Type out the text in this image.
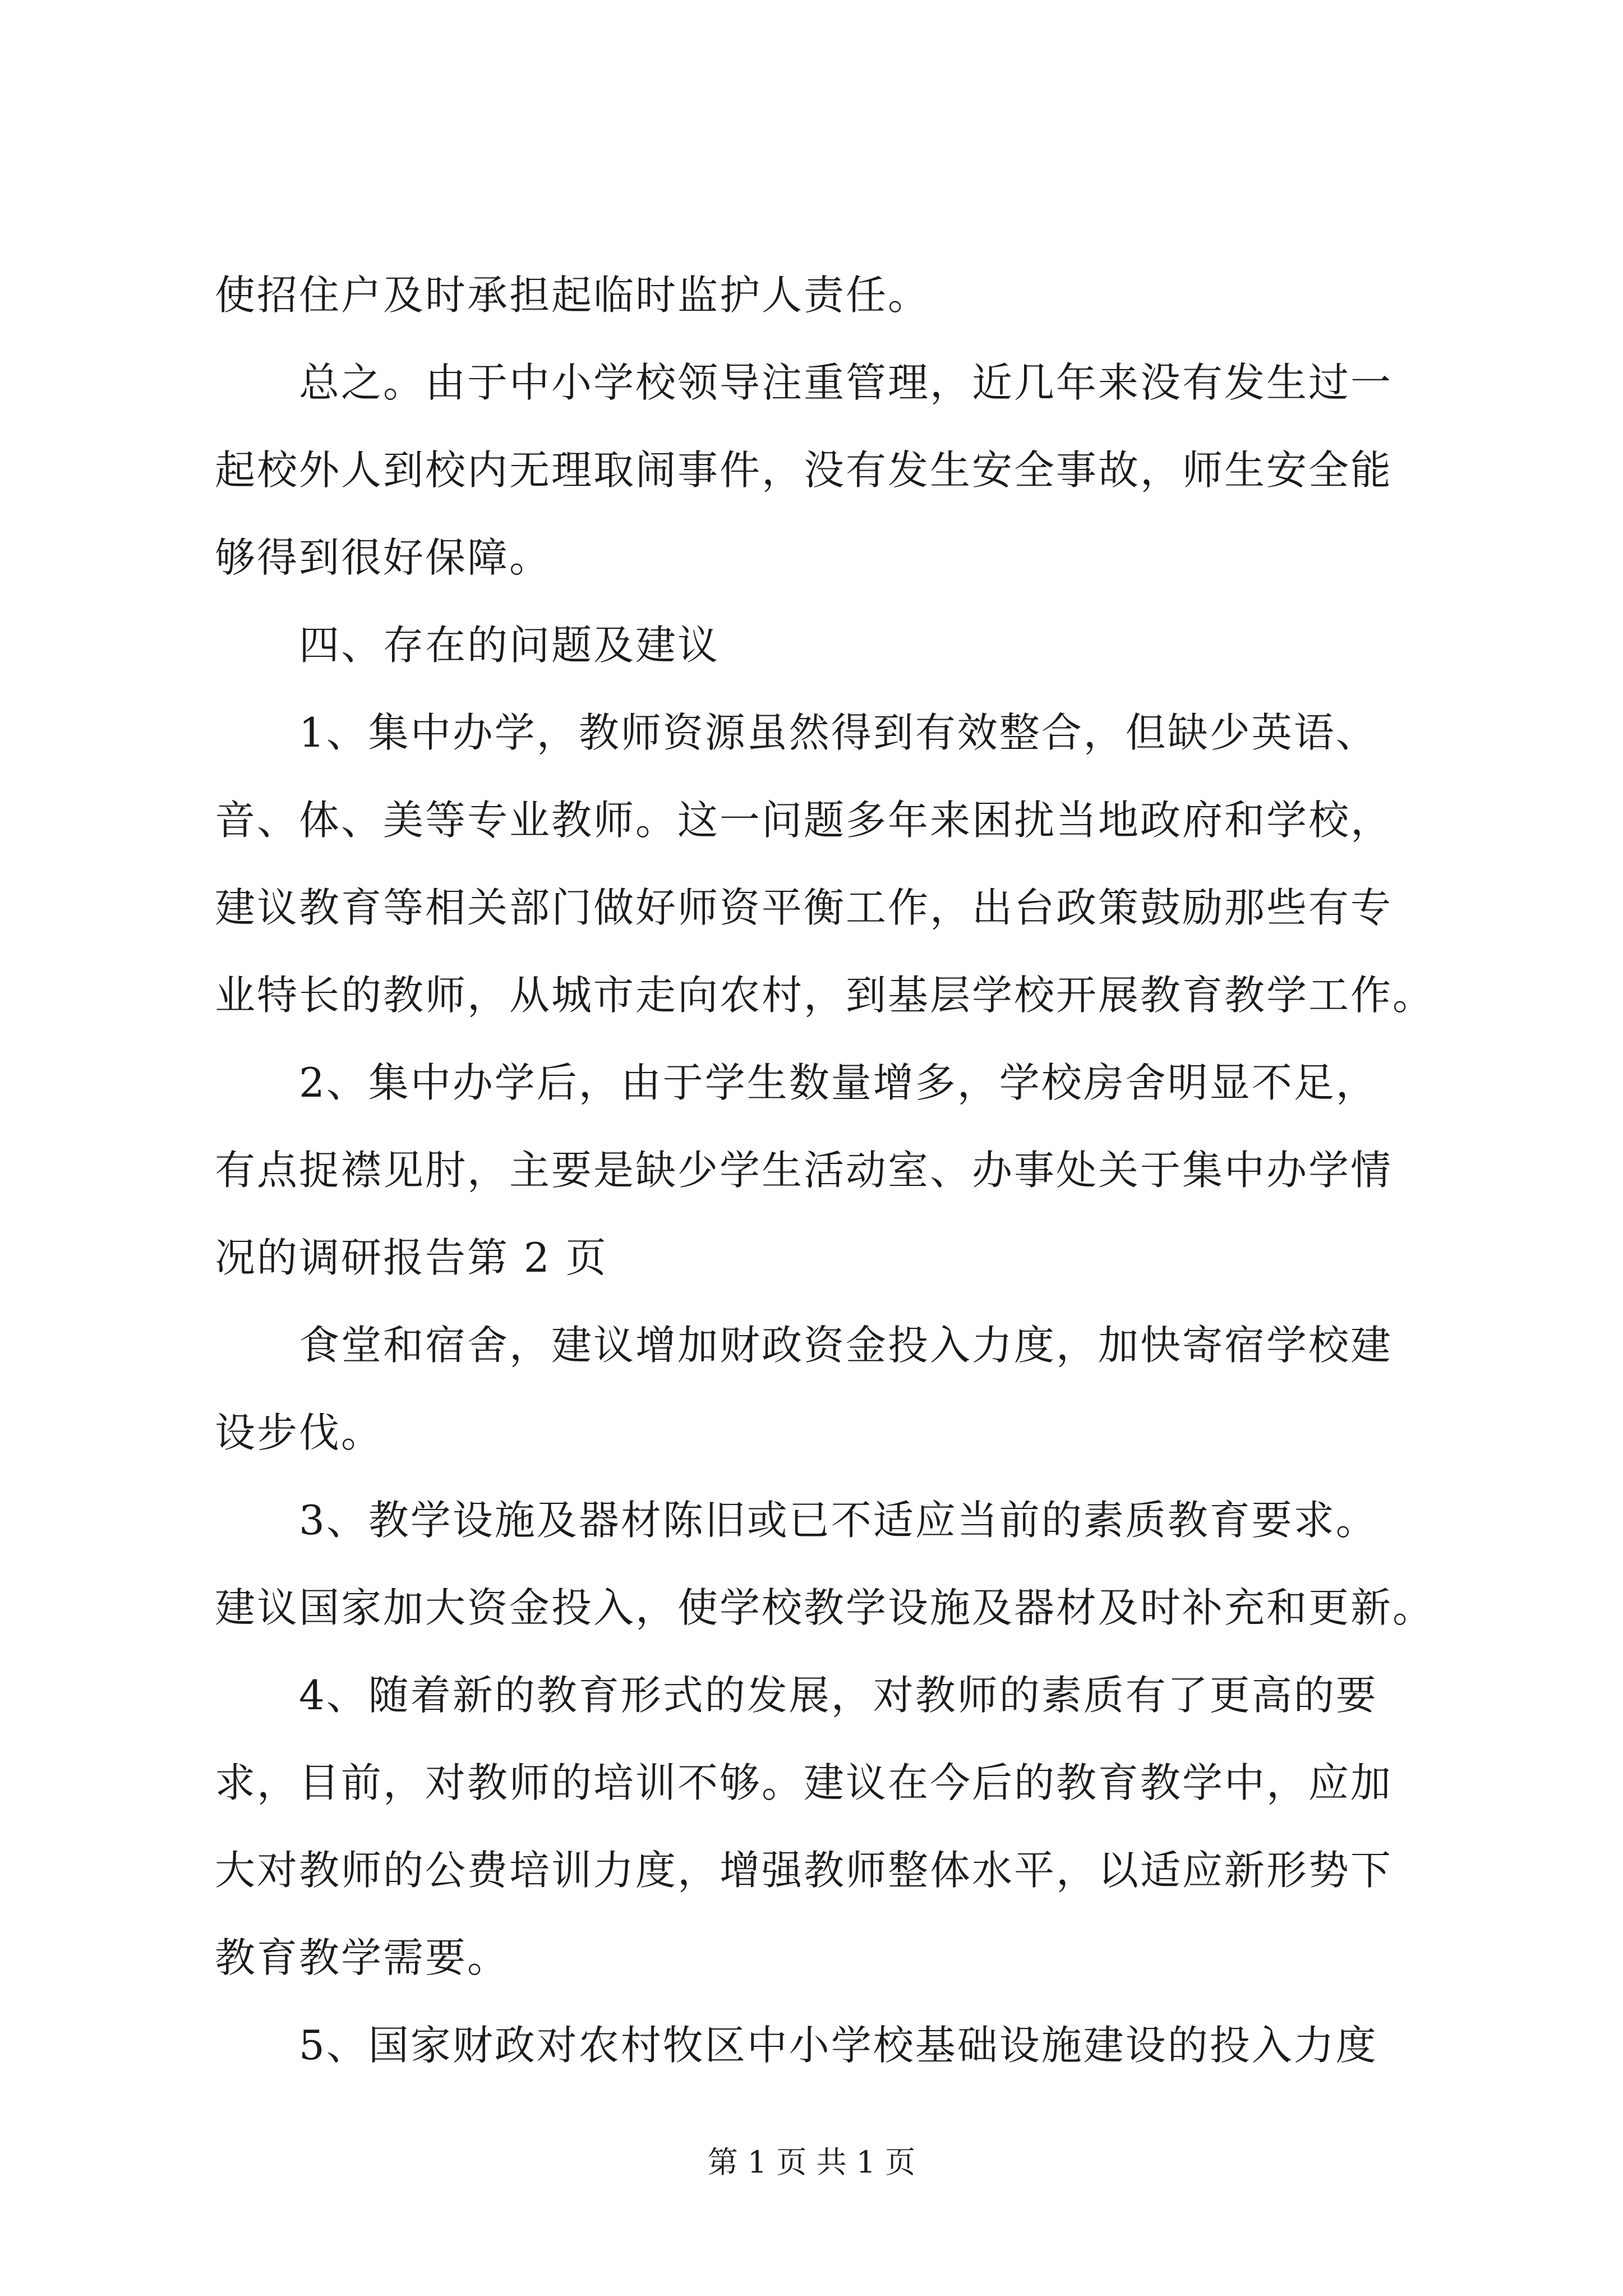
使招住户及时承担起临时监护人责任。
总之。由于中小学校领导注重管理，近几年来没有发生过一
起校外人到校内无理取闹事件，没有发生安全事故，师生安全能
够得到很好保障。
四、存在的问题及建议
1、集中办学，教师资源虽然得到有效整合，但缺少英语、
音、体、美等专业教师。这一问题多年来困扰当地政府和学校，
建议教育等相关部门做好师资平衡工作，出台政策鼓励那些有专
业特长的教师，从城市走向农村，到基层学校开展教育教学工作。
2、集中办学后，由于学生数量增多，学校房舍明显不足，
有点捉襟见肘，主要是缺少学生活动室、办事处关于集中办学情
况的调研报告第 2 页
食堂和宿舍，建议增加财政资金投入力度，加快寄宿学校建
设步伐。
3、教学设施及器材陈旧或已不适应当前的素质教育要求。
建议国家加大资金投入，使学校教学设施及器材及时补充和更新。
4、随着新的教育形式的发展，对教师的素质有了更高的要
求，目前，对教师的培训不够。建议在今后的教育教学中，应加
大对教师的公费培训力度，增强教师整体水平，以适应新形势下
教育教学需要。
5、国家财政对农村牧区中小学校基础设施建设的投入力度
第 1 页 共 1 页
